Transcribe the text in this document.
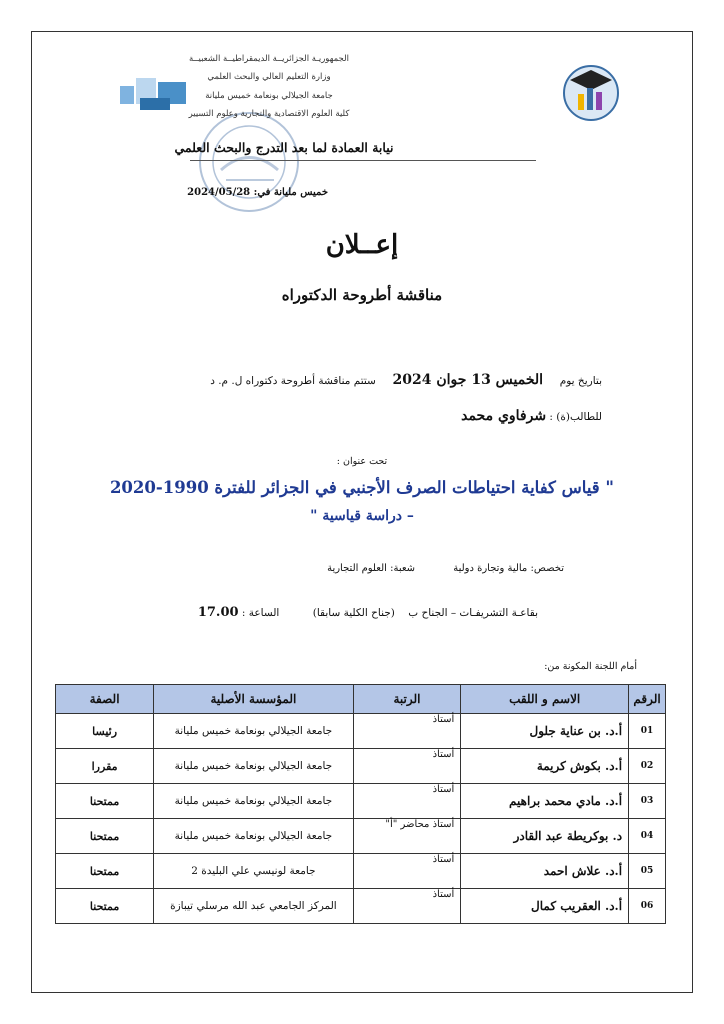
الجمهوريـة الجزائريــة الديمقراطيــة الشعبيــة
وزارة التعليم العالي والبحث العلمي
جامعة الجيلالي بونعامة خميس مليانة
كلية العلوم الاقتصادية والتجارية وعلوم التسيير
نيابة العمادة لما بعد التدرج والبحث العلمي
خميس مليانة في: 2024/05/28
إعــلان
مناقشة أطروحة الدكتوراه
بتاريخ يوم     الخميس 13 جوان 2024     ستتم مناقشة أطروحة دكتوراه ل. م. د
للطالب(ة) : شرفاوي محمد
تحت عنوان :
" قياس كفاية احتياطات الصرف الأجنبي في الجزائر للفترة 1990-2020
– دراسة قياسية "
تخصص: مالية وتجارة دولية            شعبة: العلوم التجارية
بقاعـة التشريفـات – الجناح ب    (جناح الكلية سابقا)          الساعة : 17.00
أمام اللجنة المكونة من:
الرقم	الاسم و اللقب	الرتبة	المؤسسة الأصلية	الصفة
01	أ.د. بن عناية جلول	أستاذ	جامعة الجيلالي بونعامة خميس مليانة	رئيسا
02	أ.د. بكوش كريمة	أستاذ	جامعة الجيلالي بونعامة خميس مليانة	مقررا
03	أ.د. مادي محمد براهيم	أستاذ	جامعة الجيلالي بونعامة خميس مليانة	ممتحنا
04	د. بوكريطة عبد القادر	أستاذ محاضر "أ"	جامعة الجيلالي بونعامة خميس مليانة	ممتحنا
05	أ.د. علاش احمد	أستاذ	جامعة لونيسي علي البليدة 2	ممتحنا
06	أ.د. العقريب كمال	أستاذ	المركز الجامعي عبد الله مرسلي تيبازة	ممتحنا
